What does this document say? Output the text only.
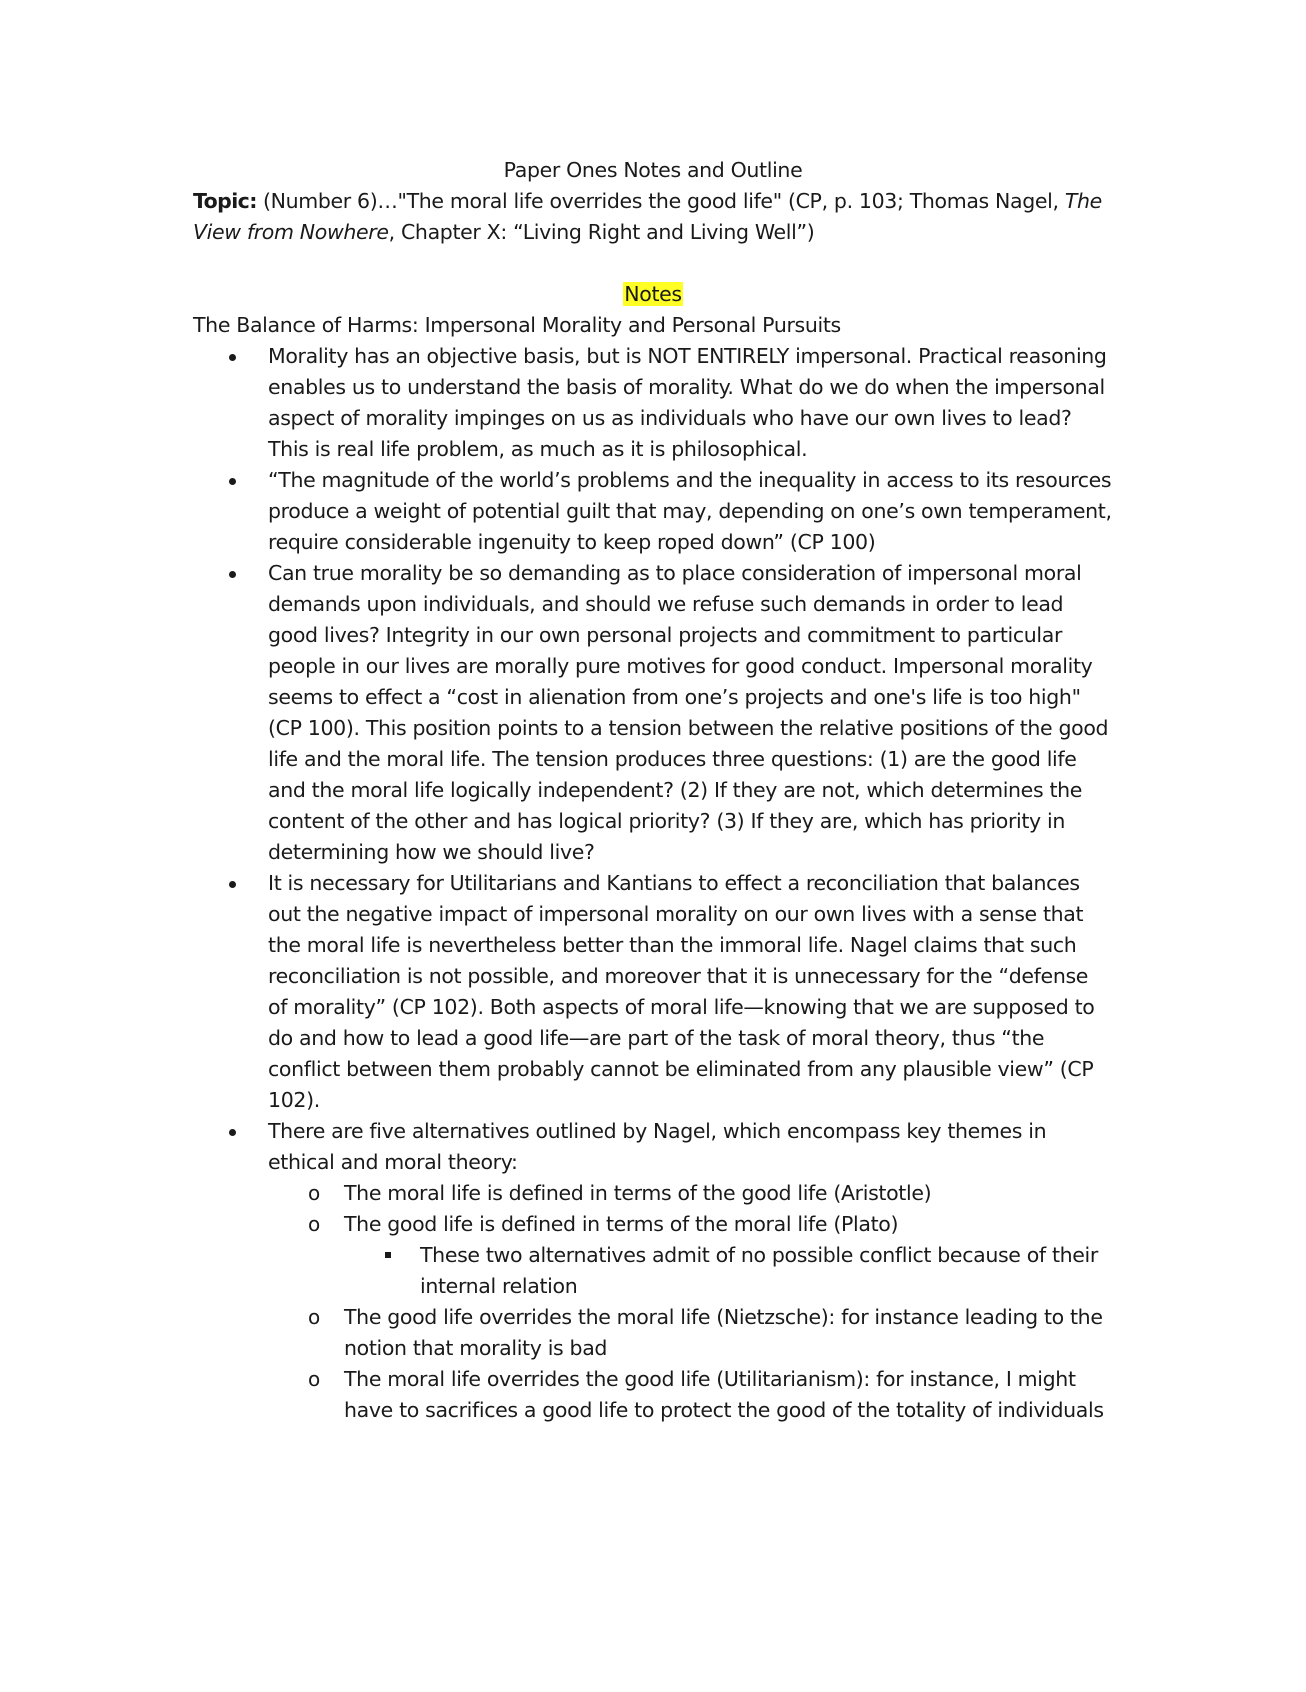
Paper Ones Notes and Outline

Topic: (Number 6)…"The moral life overrides the good life" (CP, p. 103; Thomas Nagel, The View from Nowhere, Chapter X: “Living Right and Living Well”)

Notes

The Balance of Harms: Impersonal Morality and Personal Pursuits

Morality has an objective basis, but is NOT ENTIRELY impersonal. Practical reasoning enables us to understand the basis of morality. What do we do when the impersonal aspect of morality impinges on us as individuals who have our own lives to lead? This is real life problem, as much as it is philosophical.
“The magnitude of the world’s problems and the inequality in access to its resources produce a weight of potential guilt that may, depending on one’s own temperament, require considerable ingenuity to keep roped down” (CP 100)
Can true morality be so demanding as to place consideration of impersonal moral demands upon individuals, and should we refuse such demands in order to lead good lives? Integrity in our own personal projects and commitment to particular people in our lives are morally pure motives for good conduct. Impersonal morality seems to effect a “cost in alienation from one’s projects and one's life is too high" (CP 100). This position points to a tension between the relative positions of the good life and the moral life. The tension produces three questions: (1) are the good life and the moral life logically independent? (2) If they are not, which determines the content of the other and has logical priority? (3) If they are, which has priority in determining how we should live?
It is necessary for Utilitarians and Kantians to effect a reconciliation that balances out the negative impact of impersonal morality on our own lives with a sense that the moral life is nevertheless better than the immoral life. Nagel claims that such reconciliation is not possible, and moreover that it is unnecessary for the “defense of morality” (CP 102). Both aspects of moral life—knowing that we are supposed to do and how to lead a good life—are part of the task of moral theory, thus “the conflict between them probably cannot be eliminated from any plausible view” (CP 102).
There are five alternatives outlined by Nagel, which encompass key themes in ethical and moral theory:
o The moral life is defined in terms of the good life (Aristotle)
o The good life is defined in terms of the moral life (Plato)
These two alternatives admit of no possible conflict because of their internal relation
o The good life overrides the moral life (Nietzsche): for instance leading to the notion that morality is bad
o The moral life overrides the good life (Utilitarianism): for instance, I might have to sacrifices a good life to protect the good of the totality of individuals
